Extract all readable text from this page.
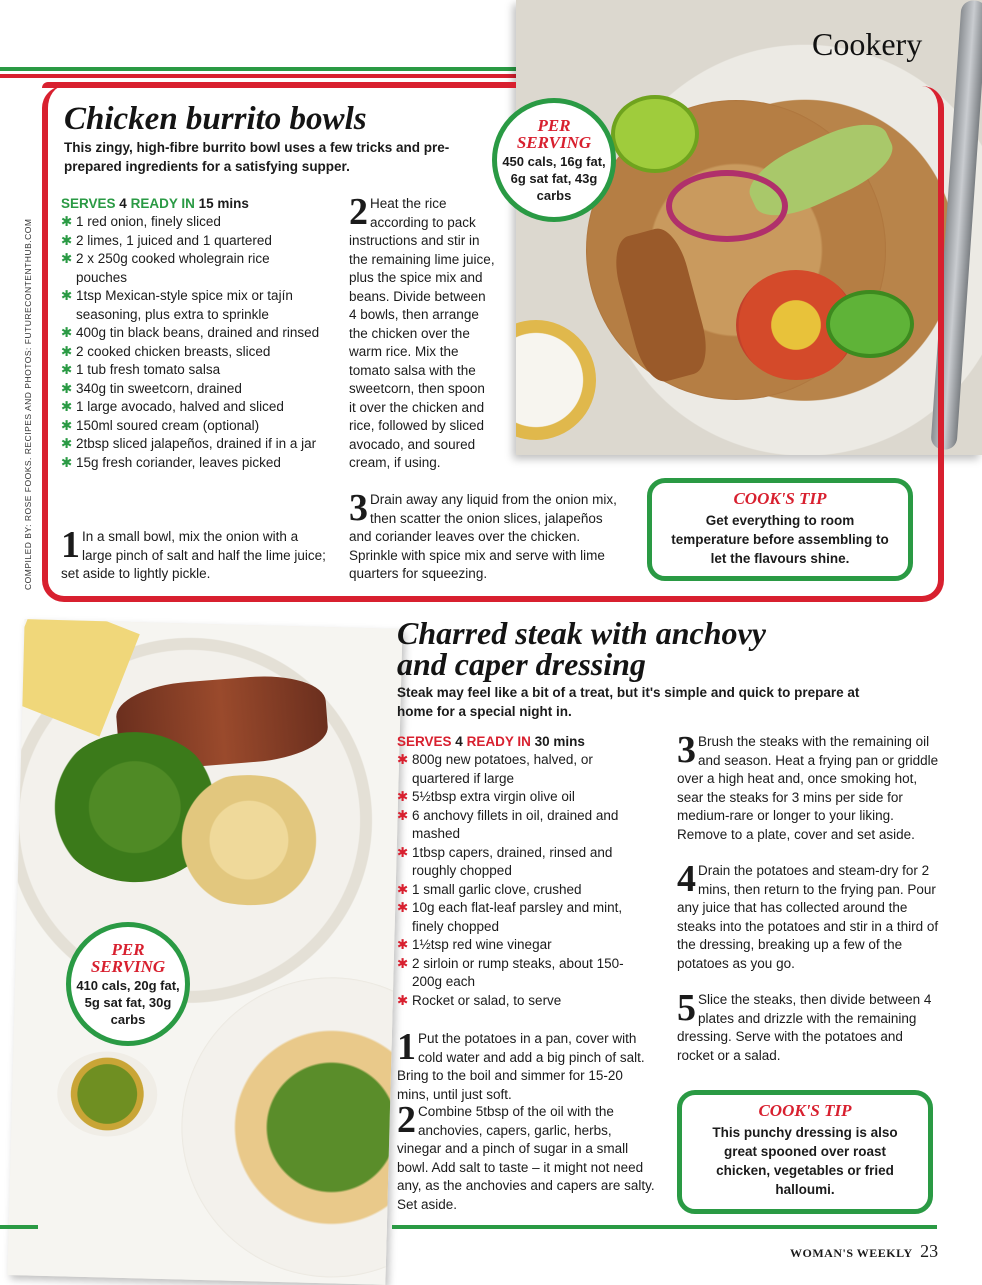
Cookery
COMPILED BY: ROSE FOOKS. RECIPES AND PHOTOS: FUTURECONTENTHUB.COM
Chicken burrito bowls
This zingy, high-fibre burrito bowl uses a few tricks and pre-prepared ingredients for a satisfying supper.
SERVES 4 READY IN 15 mins
✱ 1 red onion, finely sliced
✱ 2 limes, 1 juiced and 1 quartered
✱ 2 x 250g cooked wholegrain rice pouches
✱ 1tsp Mexican-style spice mix or tajín seasoning, plus extra to sprinkle
✱ 400g tin black beans, drained and rinsed
✱ 2 cooked chicken breasts, sliced
✱ 1 tub fresh tomato salsa
✱ 340g tin sweetcorn, drained
✱ 1 large avocado, halved and sliced
✱ 150ml soured cream (optional)
✱ 2tbsp sliced jalapeños, drained if in a jar
✱ 15g fresh coriander, leaves picked

1 In a small bowl, mix the onion with a large pinch of salt and half the lime juice; set aside to lightly pickle.

2 Heat the rice according to pack instructions and stir in the remaining lime juice, plus the spice mix and beans. Divide between 4 bowls, then arrange the chicken over the warm rice. Mix the tomato salsa with the sweetcorn, then spoon it over the chicken and rice, followed by sliced avocado, and soured cream, if using.

3 Drain away any liquid from the onion mix, then scatter the onion slices, jalapeños and coriander leaves over the chicken. Sprinkle with spice mix and serve with lime quarters for squeezing.

PER SERVING
450 cals, 16g fat, 6g sat fat, 43g carbs
COOK'S TIP
Get everything to room temperature before assembling to let the flavours shine.
PER SERVING
410 cals, 20g fat, 5g sat fat, 30g carbs
Charred steak with anchovy and caper dressing
Steak may feel like a bit of a treat, but it's simple and quick to prepare at home for a special night in.
SERVES 4 READY IN 30 mins
✱ 800g new potatoes, halved, or quartered if large
✱ 5½tbsp extra virgin olive oil
✱ 6 anchovy fillets in oil, drained and mashed
✱ 1tbsp capers, drained, rinsed and roughly chopped
✱ 1 small garlic clove, crushed
✱ 10g each flat-leaf parsley and mint, finely chopped
✱ 1½tsp red wine vinegar
✱ 2 sirloin or rump steaks, about 150-200g each
✱ Rocket or salad, to serve

1 Put the potatoes in a pan, cover with cold water and add a big pinch of salt. Bring to the boil and simmer for 15-20 mins, until just soft.

2 Combine 5tbsp of the oil with the anchovies, capers, garlic, herbs, vinegar and a pinch of sugar in a small bowl. Add salt to taste – it might not need any, as the anchovies and capers are salty. Set aside.

3 Brush the steaks with the remaining oil and season. Heat a frying pan or griddle over a high heat and, once smoking hot, sear the steaks for 3 mins per side for medium-rare or longer to your liking. Remove to a plate, cover and set aside.

4 Drain the potatoes and steam-dry for 2 mins, then return to the frying pan. Pour any juice that has collected around the steaks into the potatoes and stir in a third of the dressing, breaking up a few of the potatoes as you go.

5 Slice the steaks, then divide between 4 plates and drizzle with the remaining dressing. Serve with the potatoes and rocket or a salad.

COOK'S TIP
This punchy dressing is also great spooned over roast chicken, vegetables or fried halloumi.
WOMAN'S WEEKLY 23
